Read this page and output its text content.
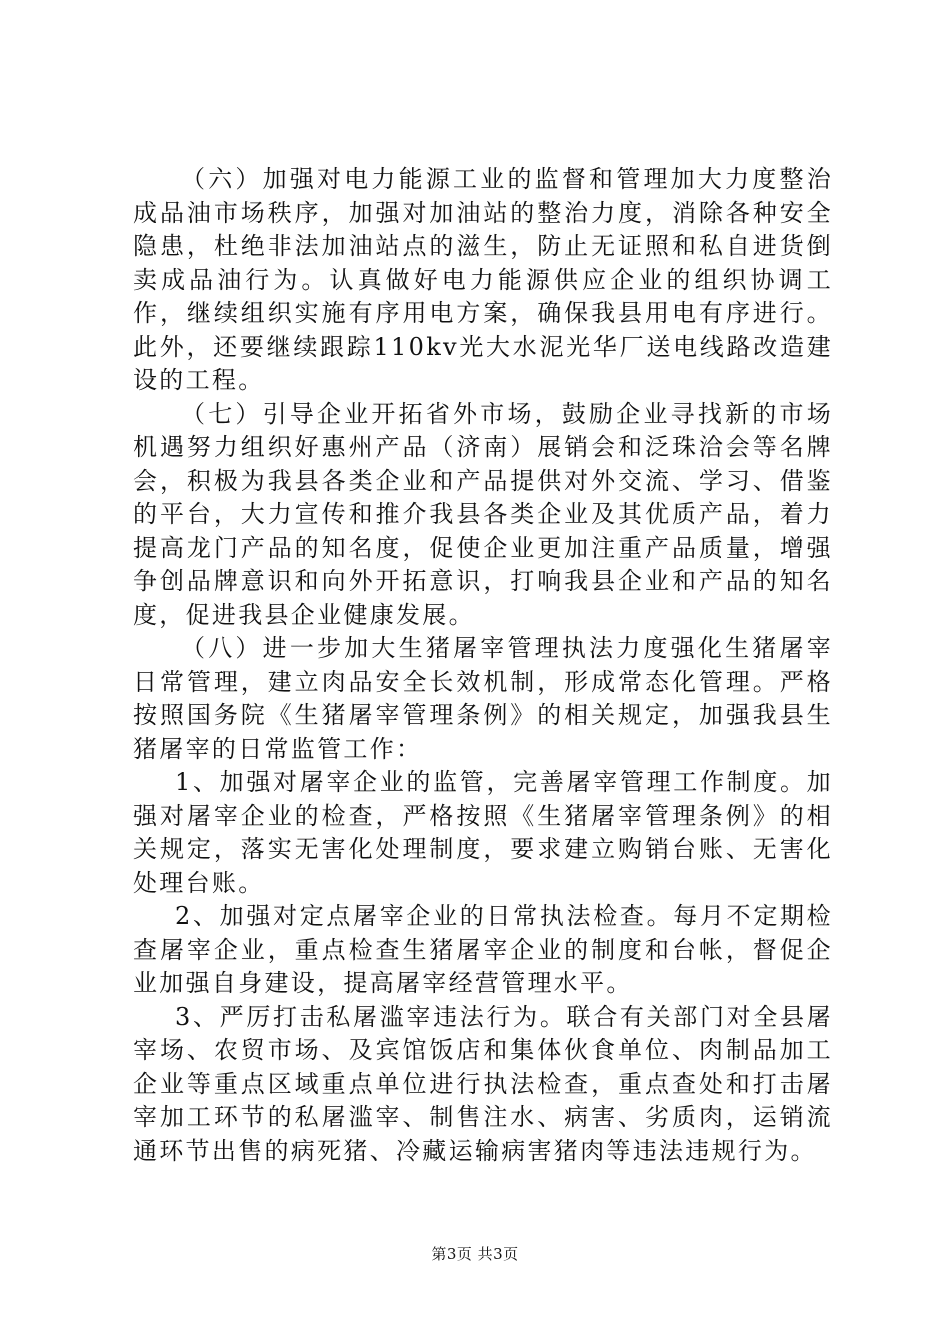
（六）加强对电力能源工业的监督和管理加大力度整治成品油市场秩序，加强对加油站的整治力度，消除各种安全隐患，杜绝非法加油站点的滋生，防止无证照和私自进货倒卖成品油行为。认真做好电力能源供应企业的组织协调工作，继续组织实施有序用电方案，确保我县用电有序进行。此外，还要继续跟踪110kv光大水泥光华厂送电线路改造建设的工程。

（七）引导企业开拓省外市场，鼓励企业寻找新的市场机遇努力组织好惠州产品（济南）展销会和泛珠洽会等名牌会，积极为我县各类企业和产品提供对外交流、学习、借鉴的平台，大力宣传和推介我县各类企业及其优质产品，着力提高龙门产品的知名度，促使企业更加注重产品质量，增强争创品牌意识和向外开拓意识，打响我县企业和产品的知名度，促进我县企业健康发展。

（八）进一步加大生猪屠宰管理执法力度强化生猪屠宰日常管理，建立肉品安全长效机制，形成常态化管理。严格按照国务院《生猪屠宰管理条例》的相关规定，加强我县生猪屠宰的日常监管工作：

1、加强对屠宰企业的监管，完善屠宰管理工作制度。加强对屠宰企业的检查，严格按照《生猪屠宰管理条例》的相关规定，落实无害化处理制度，要求建立购销台账、无害化处理台账。

2、加强对定点屠宰企业的日常执法检查。每月不定期检查屠宰企业，重点检查生猪屠宰企业的制度和台帐，督促企业加强自身建设，提高屠宰经营管理水平。

3、严厉打击私屠滥宰违法行为。联合有关部门对全县屠宰场、农贸市场、及宾馆饭店和集体伙食单位、肉制品加工企业等重点区域重点单位进行执法检查，重点查处和打击屠宰加工环节的私屠滥宰、制售注水、病害、劣质肉，运销流通环节出售的病死猪、冷藏运输病害猪肉等违法违规行为。

第3页 共3页
